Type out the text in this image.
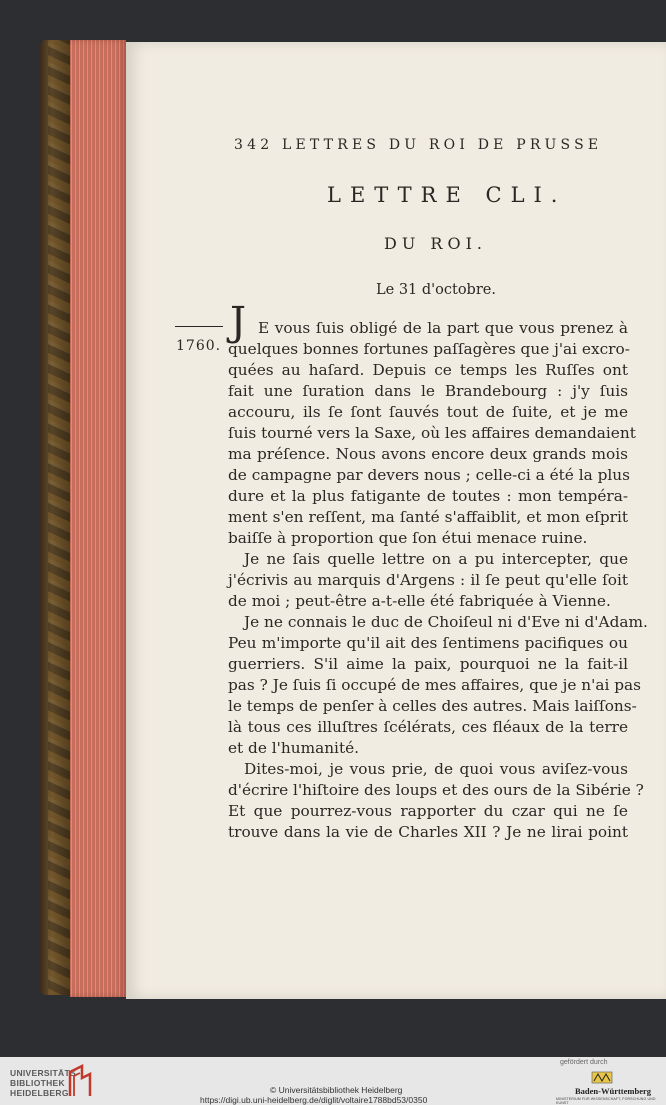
342 LETTRES DU ROI DE PRUSSE
LETTRE CLI.
DU ROI.
Le 31 d'octobre.
1760.
J E vous ſuis obligé de la part que vous prenez à
quelques bonnes fortunes paſſagères que j'ai excro-
quées au haſard. Depuis ce temps les Ruſſes ont
fait une ſuration dans le Brandebourg : j'y ſuis
accouru, ils ſe ſont ſauvés tout de ſuite, et je me
ſuis tourné vers la Saxe, où les affaires demandaient
ma préſence. Nous avons encore deux grands mois
de campagne par devers nous ; celle-ci a été la plus
dure et la plus fatigante de toutes : mon tempéra-
ment s'en reſſent, ma ſanté s'affaiblit, et mon eſprit
baiſſe à proportion que ſon étui menace ruine.
Je ne ſais quelle lettre on a pu intercepter, que
j'écrivis au marquis d'Argens : il ſe peut qu'elle ſoit
de moi ; peut-être a-t-elle été fabriquée à Vienne.
Je ne connais le duc de Choiſeul ni d'Eve ni d'Adam.
Peu m'importe qu'il ait des ſentimens pacifiques ou
guerriers. S'il aime la paix, pourquoi ne la fait-il
pas ? Je ſuis ſi occupé de mes affaires, que je n'ai pas
le temps de penſer à celles des autres. Mais laiſſons-
là tous ces illuſtres ſcélérats, ces fléaux de la terre
et de l'humanité.
Dites-moi, je vous prie, de quoi vous aviſez-vous
d'écrire l'hiſtoire des loups et des ours de la Sibérie ?
Et que pourrez-vous rapporter du czar qui ne ſe
trouve dans la vie de Charles XII ? Je ne lirai point
UNIVERSITÄTS- BIBLIOTHEK HEIDELBERG	© Universitätsbibliothek Heidelberg
https://digi.ub.uni-heidelberg.de/diglit/voltaire1788bd53/0350
gefördert durch
Baden-Württemberg
MINISTERIUM FÜR WISSENSCHAFT, FORSCHUNG UND KUNST
